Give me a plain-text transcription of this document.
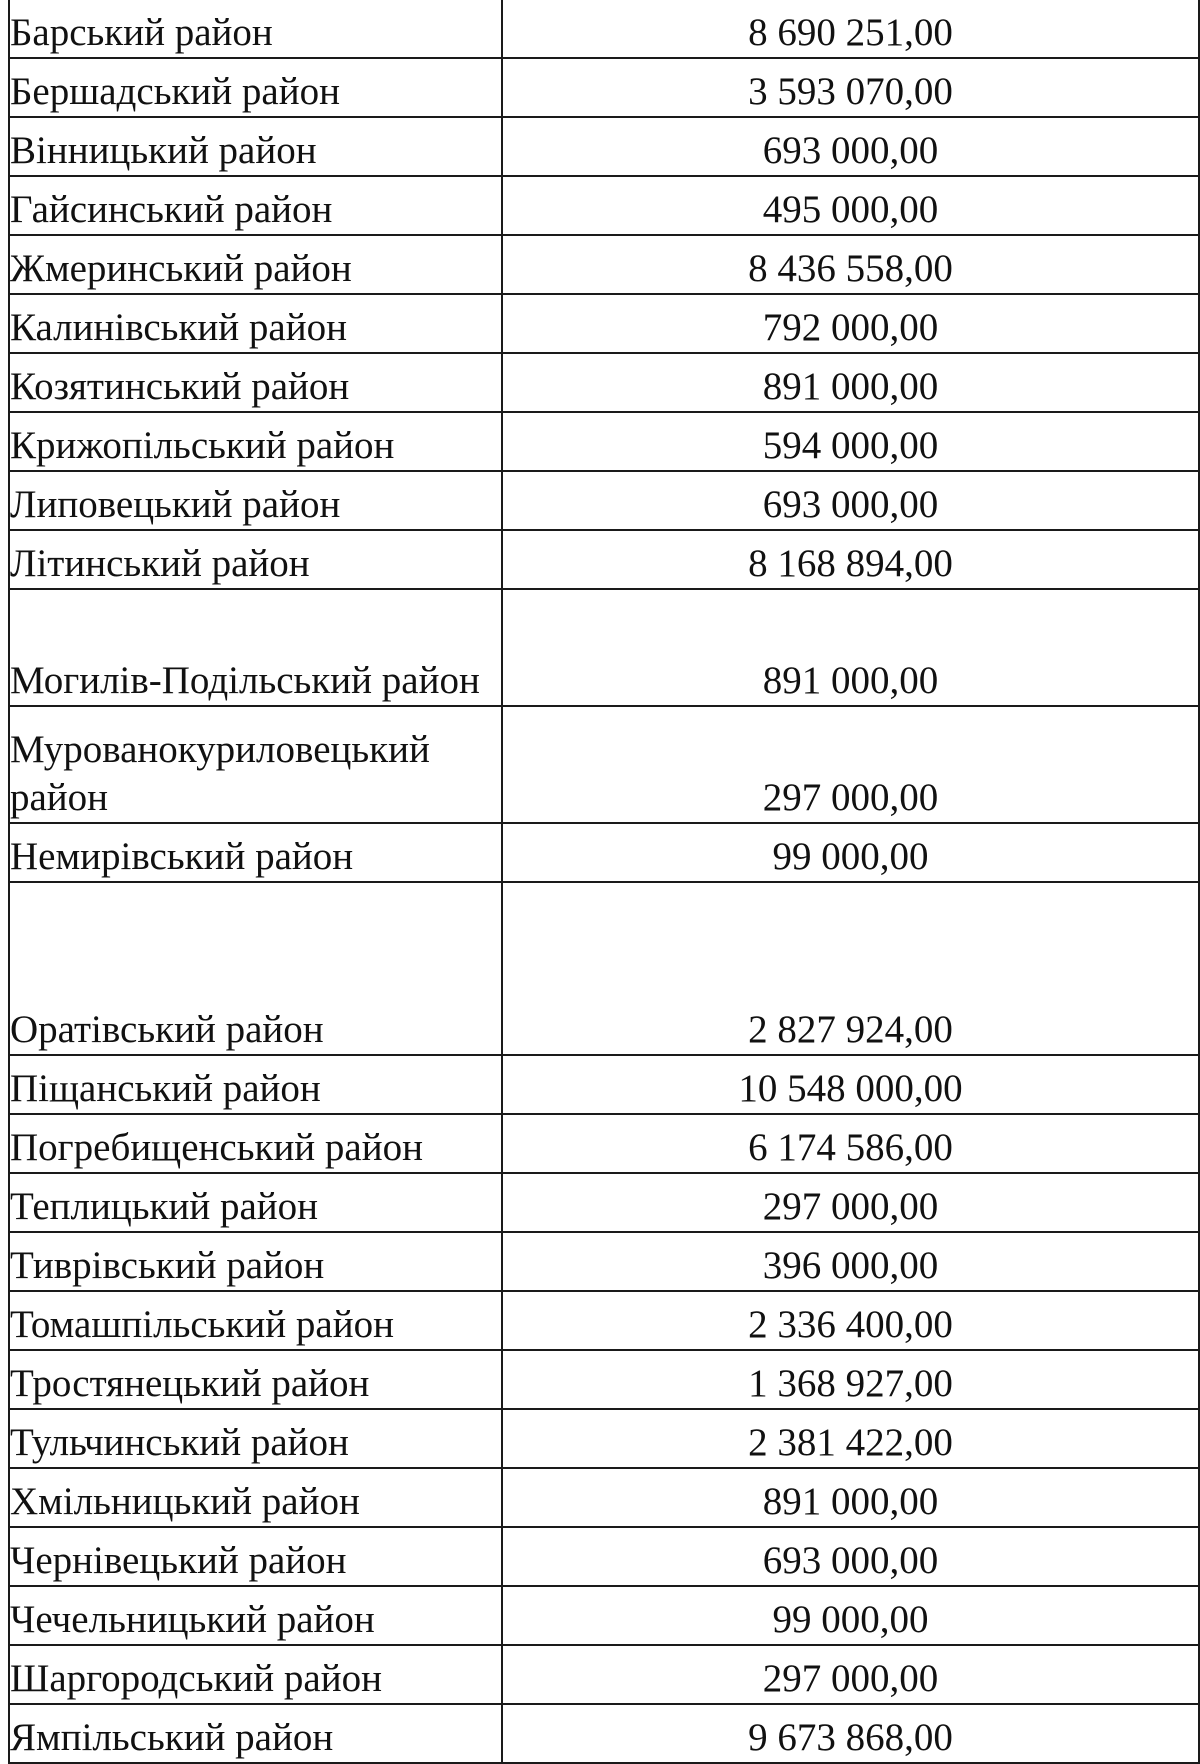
Барський район	8 690 251,00

Бершадський район	3 593 070,00

Вінницький район	693 000,00

Гайсинський район	495 000,00

Жмеринський район	8 436 558,00

Калинівський район	792 000,00

Козятинський район	891 000,00

Крижопільський район	594 000,00

Липовецький район	693 000,00

Літинський район	8 168 894,00

Могилів-Подільський район	891 000,00

Мурованокуриловецький район	297 000,00

Немирівський район	99 000,00

Оратівський район	2 827 924,00

Піщанський район	10 548 000,00

Погребищенський район	6 174 586,00

Теплицький район	297 000,00

Тиврівський район	396 000,00

Томашпільський район	2 336 400,00

Тростянецький район	1 368 927,00

Тульчинський район	2 381 422,00

Хмільницький район	891 000,00

Чернівецький район	693 000,00

Чечельницький район	99 000,00

Шаргородський район	297 000,00

Ямпільський район	9 673 868,00
